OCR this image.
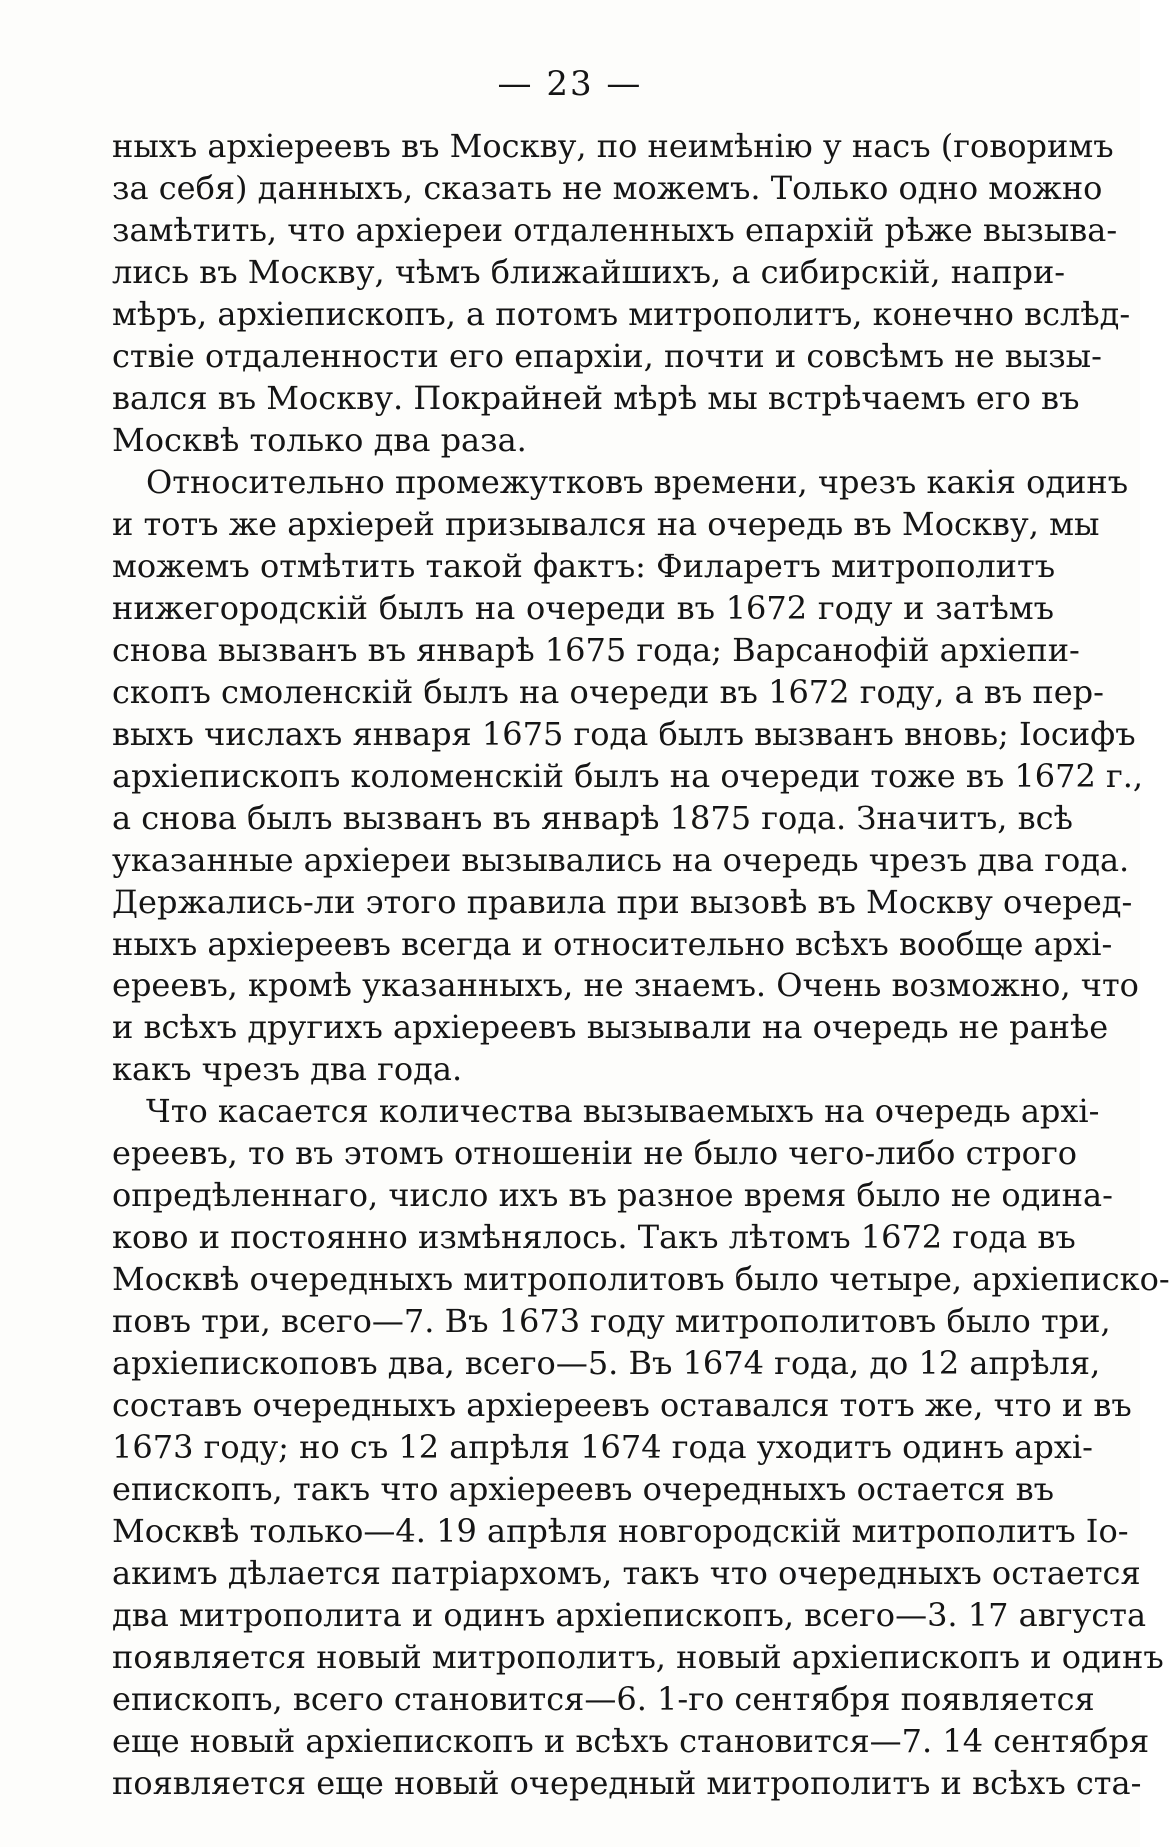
— 23 —
ныхъ архіереевъ въ Москву, по неимѣнію у насъ (говоримъ
за себя) данныхъ, сказать не можемъ. Только одно можно
замѣтить, что архіереи отдаленныхъ епархій рѣже вызыва-
лись въ Москву, чѣмъ ближайшихъ, а сибирскій, напри-
мѣръ, архіепископъ, а потомъ митрополитъ, конечно вслѣд-
ствіе отдаленности его епархіи, почти и совсѣмъ не вызы-
вался въ Москву. Покрайней мѣрѣ мы встрѣчаемъ его въ
Москвѣ только два раза.
Относительно промежутковъ времени, чрезъ какія одинъ
и тотъ же архіерей призывался на очередь въ Москву, мы
можемъ отмѣтить такой фактъ: Филаретъ митрополитъ
нижегородскій былъ на очереди въ 1672 году и затѣмъ
снова вызванъ въ январѣ 1675 года; Варсанофій архіепи-
скопъ смоленскій былъ на очереди въ 1672 году, а въ пер-
выхъ числахъ января 1675 года былъ вызванъ вновь; Іосифъ
архіепископъ коломенскій былъ на очереди тоже въ 1672 г.,
а снова былъ вызванъ въ январѣ 1875 года. Значитъ, всѣ
указанные архіереи вызывались на очередь чрезъ два года.
Держались-ли этого правила при вызовѣ въ Москву очеред-
ныхъ архіереевъ всегда и относительно всѣхъ вообще архі-
ереевъ, кромѣ указанныхъ, не знаемъ. Очень возможно, что
и всѣхъ другихъ архіереевъ вызывали на очередь не ранѣе
какъ чрезъ два года.
Что касается количества вызываемыхъ на очередь архі-
ереевъ, то въ этомъ отношеніи не было чего-либо строго
опредѣленнаго, число ихъ въ разное время было не одина-
ково и постоянно измѣнялось. Такъ лѣтомъ 1672 года въ
Москвѣ очередныхъ митрополитовъ было четыре, архіеписко-
повъ три, всего—7. Въ 1673 году митрополитовъ было три,
архіепископовъ два, всего—5. Въ 1674 года, до 12 апрѣля,
составъ очередныхъ архіереевъ оставался тотъ же, что и въ
1673 году; но съ 12 апрѣля 1674 года уходитъ одинъ архі-
епископъ, такъ что архіереевъ очередныхъ остается въ
Москвѣ только—4. 19 апрѣля новгородскій митрополитъ Іо-
акимъ дѣлается патріархомъ, такъ что очередныхъ остается
два митрополита и одинъ архіепископъ, всего—3. 17 августа
появляется новый митрополитъ, новый архіепископъ и одинъ
епископъ, всего становится—6. 1-го сентября появляется
еще новый архіепископъ и всѣхъ становится—7. 14 сентября
появляется еще новый очередный митрополитъ и всѣхъ ста-
